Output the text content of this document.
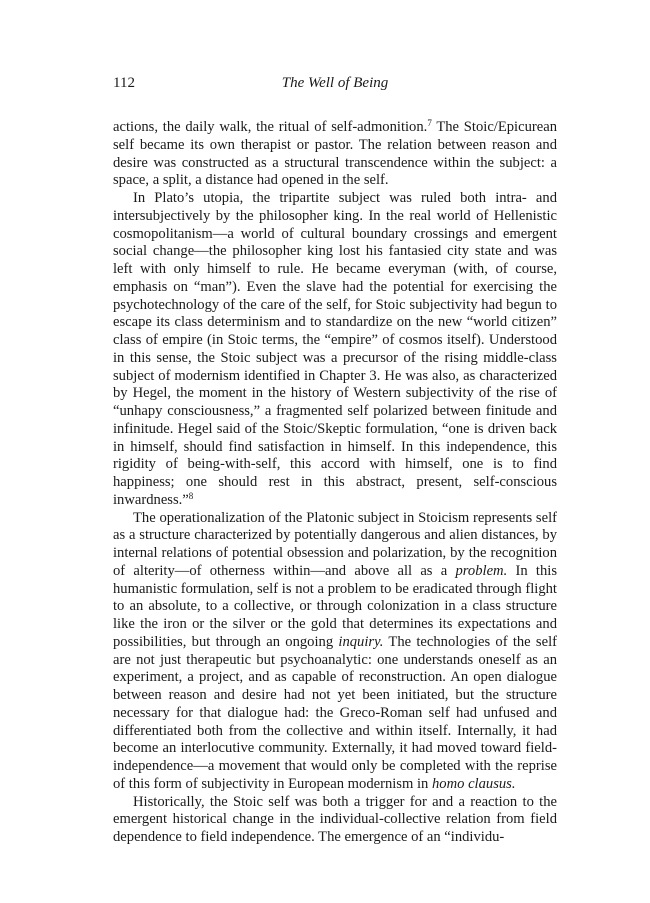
112	The Well of Being

actions, the daily walk, the ritual of self-admonition.$^7$ The Stoic/Epicurean self became its own therapist or pastor. The relation between reason and desire was constructed as a structural transcendence within the subject: a space, a split, a distance had opened in the self.

In Plato’s utopia, the tripartite subject was ruled both intra- and intersubjectively by the philosopher king. In the real world of Hellenistic cosmopolitanism—a world of cultural boundary crossings and emergent social change—the philosopher king lost his fantasied city state and was left with only himself to rule. He became everyman (with, of course, emphasis on “man”). Even the slave had the potential for exercising the psychotechnology of the care of the self, for Stoic subjectivity had begun to escape its class determinism and to standardize on the new “world citizen” class of empire (in Stoic terms, the “empire” of cosmos itself). Understood in this sense, the Stoic subject was a precursor of the rising middle-class subject of modernism identified in Chapter 3. He was also, as characterized by Hegel, the moment in the history of Western subjectivity of the rise of “unhapy consciousness,” a fragmented self polarized between finitude and infinitude. Hegel said of the Stoic/Skeptic formulation, “one is driven back in himself, should find satisfaction in himself. In this independence, this rigidity of being-with-self, this accord with himself, one is to find happiness; one should rest in this abstract, present, self-conscious inwardness.”$^8$

The operationalization of the Platonic subject in Stoicism represents self as a structure characterized by potentially dangerous and alien distances, by internal relations of potential obsession and polarization, by the recognition of alterity—of otherness within—and above all as a problem. In this humanistic formulation, self is not a problem to be eradicated through flight to an absolute, to a collective, or through colonization in a class structure like the iron or the silver or the gold that determines its expectations and possibilities, but through an ongoing inquiry. The technologies of the self are not just therapeutic but psychoanalytic: one understands oneself as an experiment, a project, and as capable of reconstruction. An open dialogue between reason and desire had not yet been initiated, but the structure necessary for that dialogue had: the Greco-Roman self had unfused and differentiated both from the collective and within itself. Internally, it had become an interlocutive community. Externally, it had moved toward field-independence—a movement that would only be completed with the reprise of this form of subjectivity in European modernism in homo clausus.

Historically, the Stoic self was both a trigger for and a reaction to the emergent historical change in the individual-collective relation from field dependence to field independence. The emergence of an “individu-
